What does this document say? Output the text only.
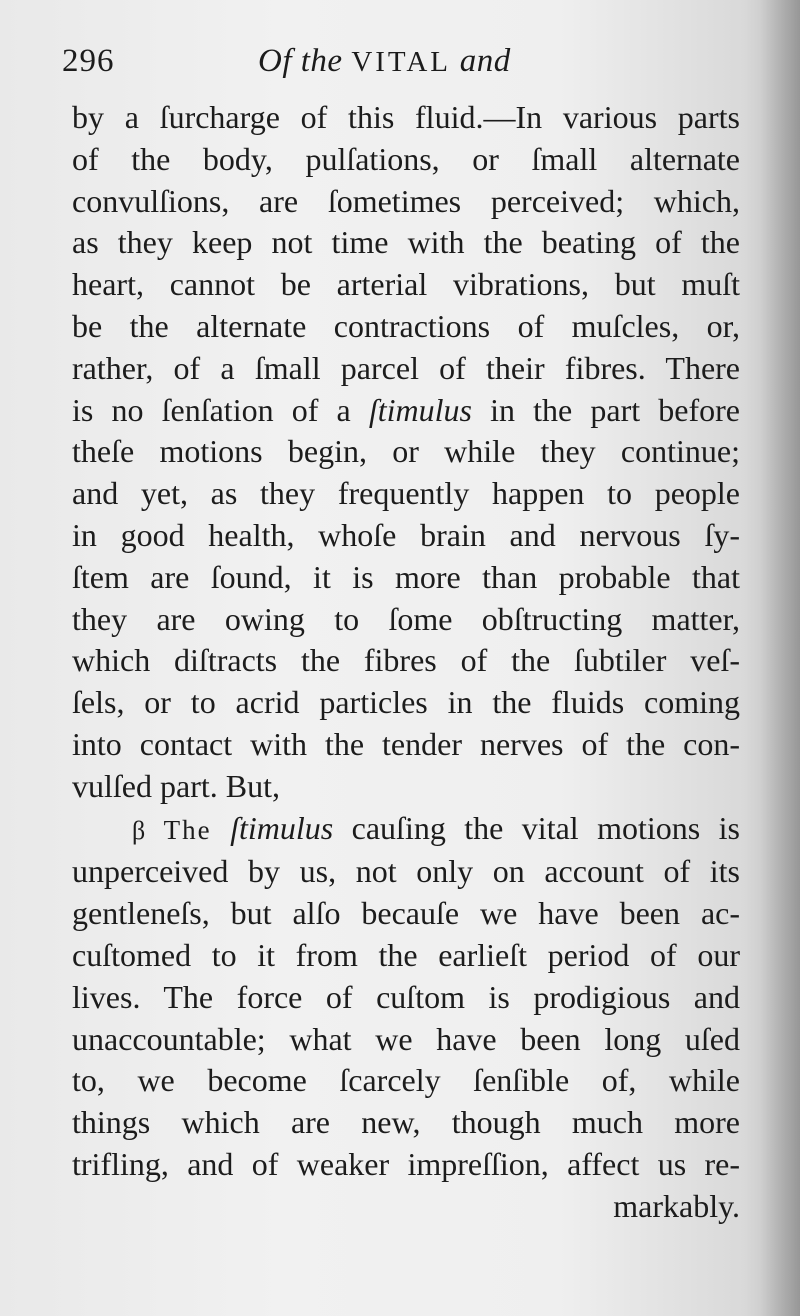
296	Of the VITAL and
by a ſurcharge of this fluid.—In various parts
of the body, pulſations, or ſmall alternate
convulſions, are ſometimes perceived; which,
as they keep not time with the beating of the
heart, cannot be arterial vibrations, but muſt
be the alternate contractions of muſcles, or,
rather, of a ſmall parcel of their fibres. There
is no ſenſation of a ſtimulus in the part before
theſe motions begin, or while they continue;
and yet, as they frequently happen to people
in good health, whoſe brain and nervous ſy-
ſtem are ſound, it is more than probable that
they are owing to ſome obſtructing matter,
which diſtracts the fibres of the ſubtiler veſ-
ſels, or to acrid particles in the fluids coming
into contact with the tender nerves of the con-
vulſed part. But,
β The ſtimulus cauſing the vital motions is
unperceived by us, not only on account of its
gentleneſs, but alſo becauſe we have been ac-
cuſtomed to it from the earlieſt period of our
lives. The force of cuſtom is prodigious and
unaccountable; what we have been long uſed
to, we become ſcarcely ſenſible of, while
things which are new, though much more
trifling, and of weaker impreſſion, affect us re-
markably.
